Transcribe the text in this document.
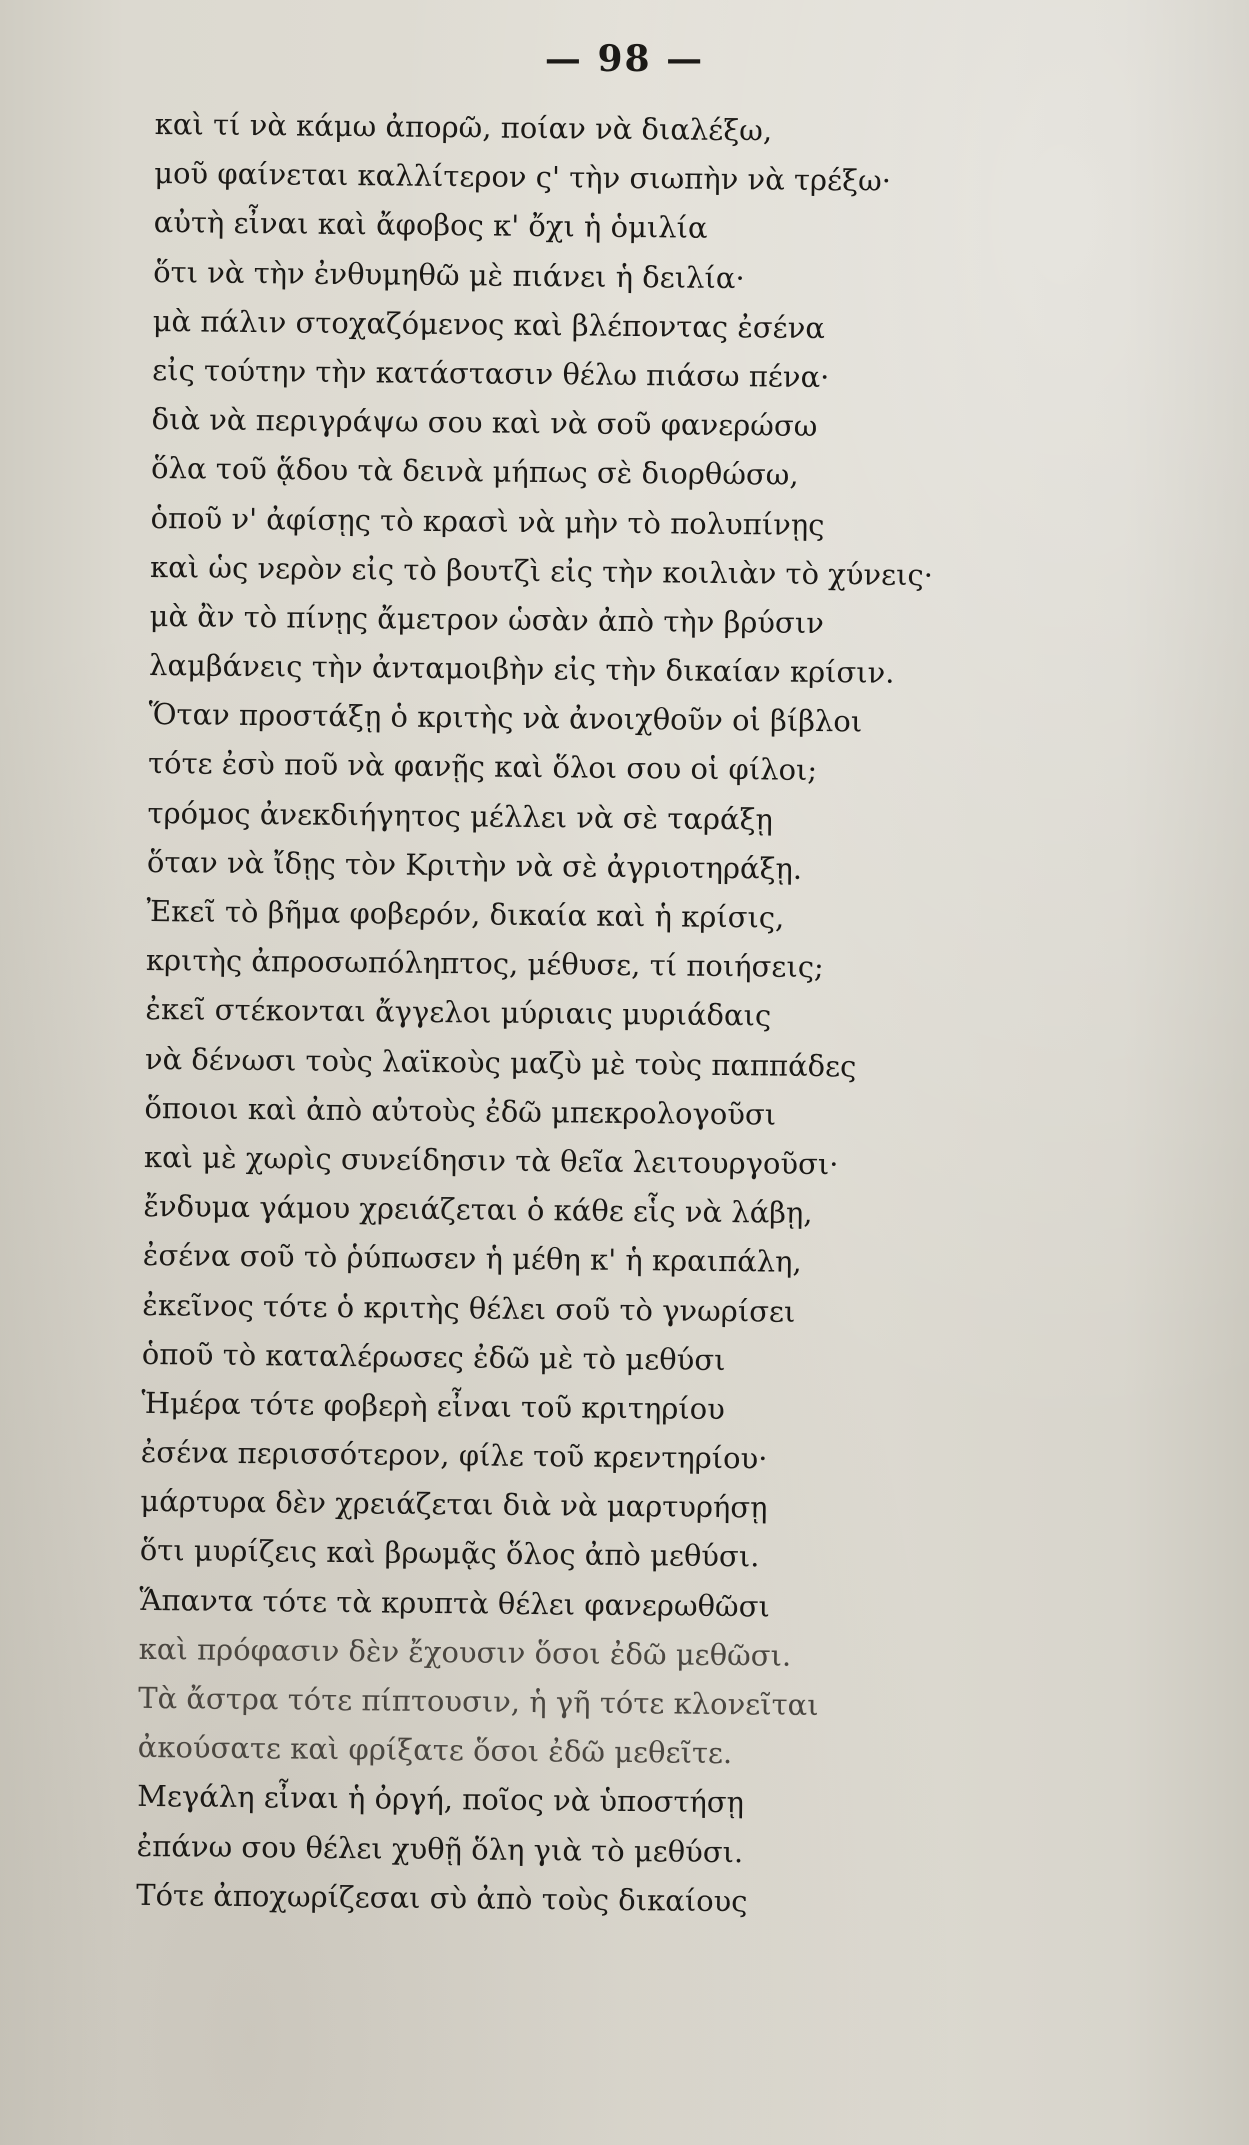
— 98 —
καὶ τί νὰ κάμω ἀπορῶ, ποίαν νὰ διαλέξω,
μοῦ φαίνεται καλλίτερον ς' τὴν σιωπὴν νὰ τρέξω·
αὐτὴ εἶναι καὶ ἄφοβος κ' ὄχι ἡ ὁμιλία
ὅτι νὰ τὴν ἐνθυμηθῶ μὲ πιάνει ἡ δειλία·
μὰ πάλιν στοχαζόμενος καὶ βλέποντας ἐσένα
εἰς τούτην τὴν κατάστασιν θέλω πιάσω πένα·
διὰ νὰ περιγράψω σου καὶ νὰ σοῦ φανερώσω
ὅλα τοῦ ᾅδου τὰ δεινὰ μήπως σὲ διορθώσω,
ὁποῦ ν' ἀφίσῃς τὸ κρασὶ νὰ μὴν τὸ πολυπίνῃς
καὶ ὡς νερὸν εἰς τὸ βουτζὶ εἰς τὴν κοιλιὰν τὸ χύνεις·
μὰ ἂν τὸ πίνῃς ἄμετρον ὡσὰν ἀπὸ τὴν βρύσιν
λαμβάνεις τὴν ἀνταμοιβὴν εἰς τὴν δικαίαν κρίσιν.
Ὅταν προστάξῃ ὁ κριτὴς νὰ ἀνοιχθοῦν οἱ βίβλοι
τότε ἐσὺ ποῦ νὰ φανῇς καὶ ὅλοι σου οἱ φίλοι;
τρόμος ἀνεκδιήγητος μέλλει νὰ σὲ ταράξῃ
ὅταν νὰ ἴδῃς τὸν Κριτὴν νὰ σὲ ἀγριοτηράξῃ.
Ἐκεῖ τὸ βῆμα φοβερόν, δικαία καὶ ἡ κρίσις,
κριτὴς ἀπροσωπόληπτος, μέθυσε, τί ποιήσεις;
ἐκεῖ στέκονται ἄγγελοι μύριαις μυριάδαις
νὰ δένωσι τοὺς λαϊκοὺς μαζὺ μὲ τοὺς παππάδες
ὅποιοι καὶ ἀπὸ αὐτοὺς ἐδῶ μπεκρολογοῦσι
καὶ μὲ χωρὶς συνείδησιν τὰ θεῖα λειτουργοῦσι·
ἔνδυμα γάμου χρειάζεται ὁ κάθε εἷς νὰ λάβῃ,
ἐσένα σοῦ τὸ ῥύπωσεν ἡ μέθη κ' ἡ κραιπάλη,
ἐκεῖνος τότε ὁ κριτὴς θέλει σοῦ τὸ γνωρίσει
ὁποῦ τὸ καταλέρωσες ἐδῶ μὲ τὸ μεθύσι
Ἡμέρα τότε φοβερὴ εἶναι τοῦ κριτηρίου
ἐσένα περισσότερον, φίλε τοῦ κρεντηρίου·
μάρτυρα δὲν χρειάζεται διὰ νὰ μαρτυρήσῃ
ὅτι μυρίζεις καὶ βρωμᾷς ὅλος ἀπὸ μεθύσι.
Ἅπαντα τότε τὰ κρυπτὰ θέλει φανερωθῶσι
καὶ πρόφασιν δὲν ἔχουσιν ὅσοι ἐδῶ μεθῶσι.
Τὰ ἄστρα τότε πίπτουσιν, ἡ γῆ τότε κλονεῖται
ἀκούσατε καὶ φρίξατε ὅσοι ἐδῶ μεθεῖτε.
Μεγάλη εἶναι ἡ ὀργή, ποῖος νὰ ὑποστήσῃ
ἐπάνω σου θέλει χυθῇ ὅλη γιὰ τὸ μεθύσι.
Τότε ἀποχωρίζεσαι σὺ ἀπὸ τοὺς δικαίους
